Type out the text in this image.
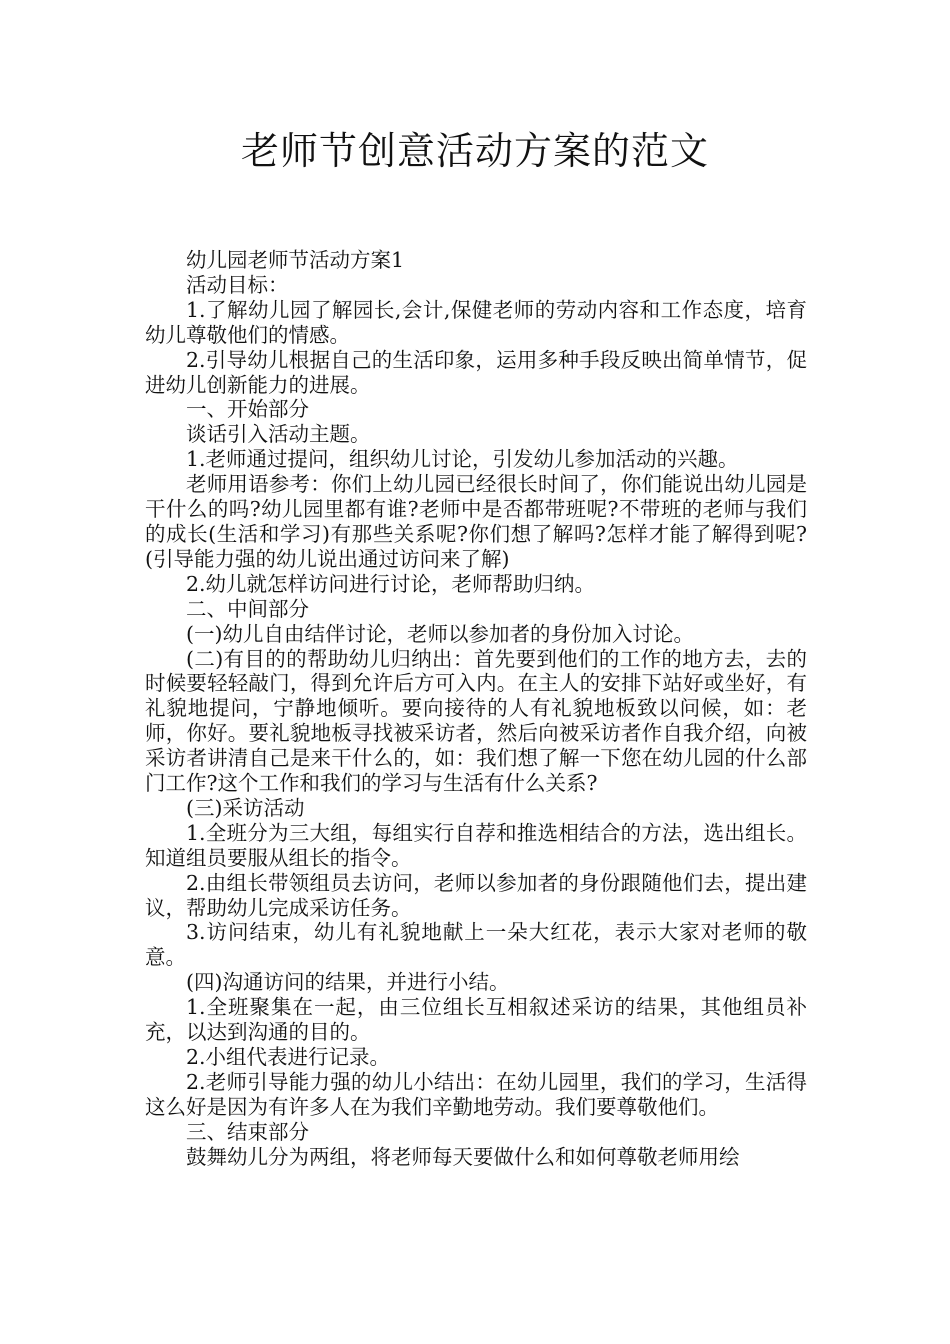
老师节创意活动方案的范文

幼儿园老师节活动方案1

活动目标：

1.了解幼儿园了解园长,会计,保健老师的劳动内容和工作态度，培育幼儿尊敬他们的情感。

2.引导幼儿根据自己的生活印象，运用多种手段反映出简单情节，促进幼儿创新能力的进展。

一、开始部分

谈话引入活动主题。

1.老师通过提问，组织幼儿讨论，引发幼儿参加活动的兴趣。

老师用语参考：你们上幼儿园已经很长时间了，你们能说出幼儿园是干什么的吗?幼儿园里都有谁?老师中是否都带班呢?不带班的老师与我们的成长(生活和学习)有那些关系呢?你们想了解吗?怎样才能了解得到呢?(引导能力强的幼儿说出通过访问来了解)

2.幼儿就怎样访问进行讨论，老师帮助归纳。

二、中间部分

(一)幼儿自由结伴讨论，老师以参加者的身份加入讨论。

(二)有目的的帮助幼儿归纳出：首先要到他们的工作的地方去，去的时候要轻轻敲门，得到允许后方可入内。在主人的安排下站好或坐好，有礼貌地提问，宁静地倾听。要向接待的人有礼貌地板致以问候，如：老师，你好。要礼貌地板寻找被采访者，然后向被采访者作自我介绍，向被采访者讲清自己是来干什么的，如：我们想了解一下您在幼儿园的什么部门工作?这个工作和我们的学习与生活有什么关系?

(三)采访活动

1.全班分为三大组，每组实行自荐和推选相结合的方法，选出组长。知道组员要服从组长的指令。

2.由组长带领组员去访问，老师以参加者的身份跟随他们去，提出建议，帮助幼儿完成采访任务。

3.访问结束，幼儿有礼貌地献上一朵大红花，表示大家对老师的敬意。

(四)沟通访问的结果，并进行小结。

1.全班聚集在一起，由三位组长互相叙述采访的结果，其他组员补充，以达到沟通的目的。

2.小组代表进行记录。

2.老师引导能力强的幼儿小结出：在幼儿园里，我们的学习，生活得这么好是因为有许多人在为我们辛勤地劳动。我们要尊敬他们。

三、结束部分

鼓舞幼儿分为两组，将老师每天要做什么和如何尊敬老师用绘
